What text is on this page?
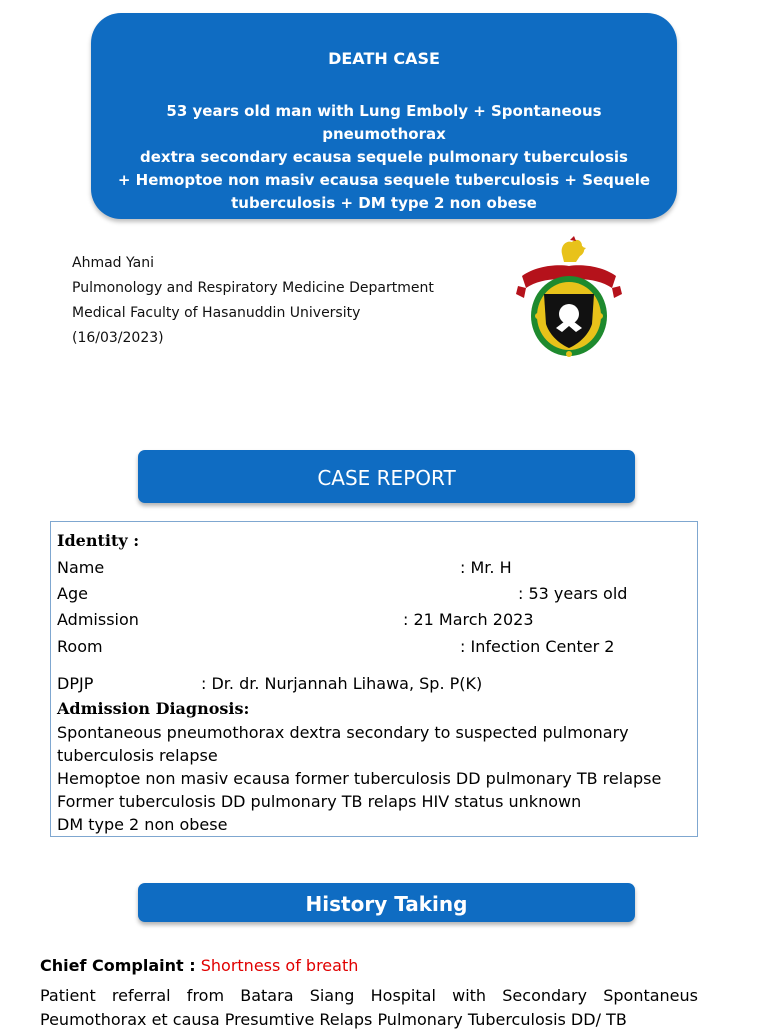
DEATH CASE
53 years old man with Lung Emboly + Spontaneous pneumothorax
dextra secondary ecausa sequele pulmonary tuberculosis
+ Hemoptoe non masiv ecausa sequele tuberculosis + Sequele
tuberculosis + DM type 2 non obese
Ahmad Yani
Pulmonology and Respiratory Medicine Department
Medical Faculty of Hasanuddin University
(16/03/2023)
CASE REPORT
Identity :
Name	: Mr. H
Age	: 53 years old
Admission	: 21 March 2023
Room	: Infection Center 2
DPJP	: Dr. dr. Nurjannah Lihawa, Sp. P(K)
Admission Diagnosis:
Spontaneous pneumothorax dextra secondary to suspected pulmonary
tuberculosis relapse
Hemoptoe non masiv ecausa former tuberculosis DD pulmonary TB relapse
Former tuberculosis DD pulmonary TB relaps HIV status unknown
DM type 2 non obese
History Taking
Chief Complaint : Shortness of breath
Patient referral from Batara Siang Hospital with Secondary Spontaneus
Peumothorax et causa Presumtive Relaps Pulmonary Tuberculosis DD/ TB
